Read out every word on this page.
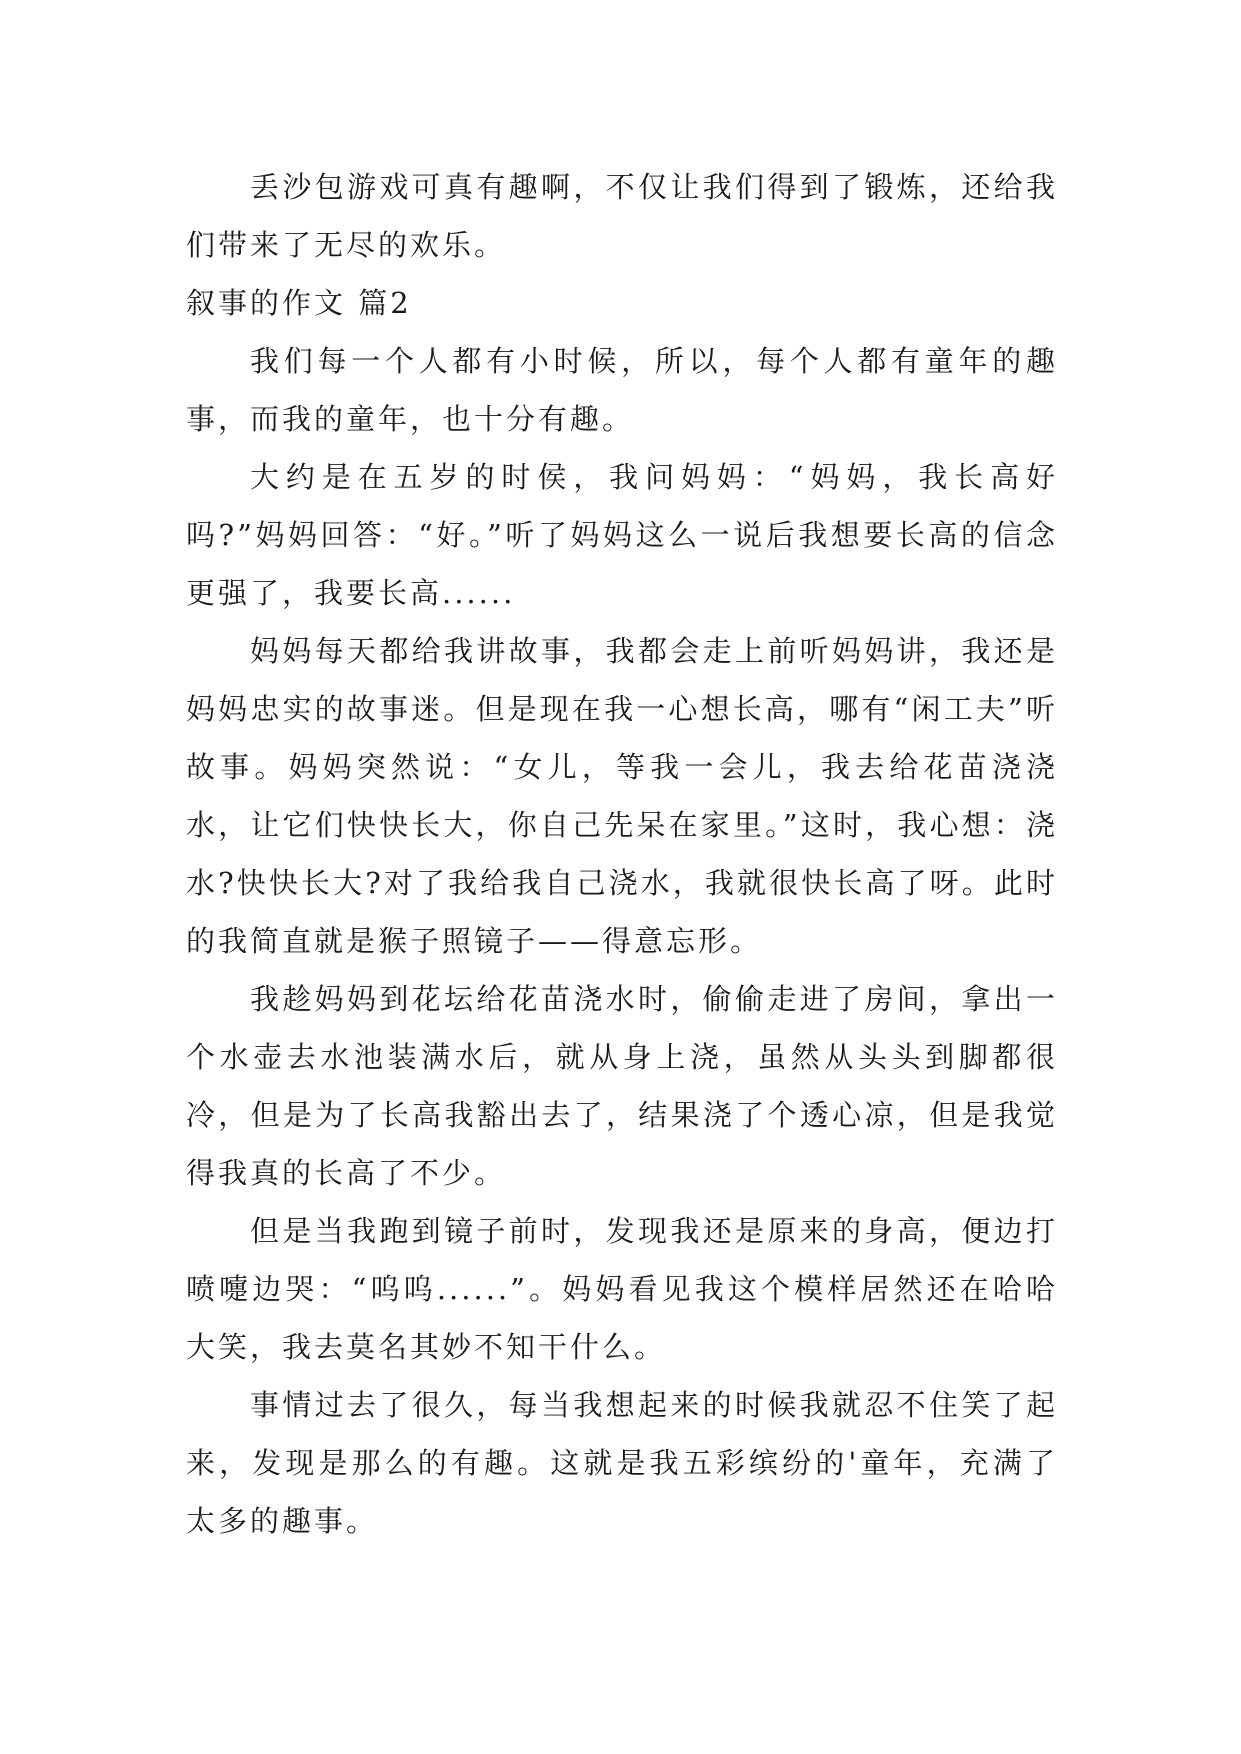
丢沙包游戏可真有趣啊，不仅让我们得到了锻炼，还给我们带来了无尽的欢乐。

叙事的作文 篇2

我们每一个人都有小时候，所以，每个人都有童年的趣事，而我的童年，也十分有趣。

大约是在五岁的时侯，我问妈妈：“妈妈，我长高好吗?”妈妈回答：“好。”听了妈妈这么一说后我想要长高的信念更强了，我要长高......

妈妈每天都给我讲故事，我都会走上前听妈妈讲，我还是妈妈忠实的故事迷。但是现在我一心想长高，哪有“闲工夫”听故事。妈妈突然说：“女儿，等我一会儿，我去给花苗浇浇水，让它们快快长大，你自己先呆在家里。”这时，我心想：浇水?快快长大?对了我给我自己浇水，我就很快长高了呀。此时的我简直就是猴子照镜子——得意忘形。

我趁妈妈到花坛给花苗浇水时，偷偷走进了房间，拿出一个水壶去水池装满水后，就从身上浇，虽然从头头到脚都很冷，但是为了长高我豁出去了，结果浇了个透心凉，但是我觉得我真的长高了不少。

但是当我跑到镜子前时，发现我还是原来的身高，便边打喷嚏边哭：“呜呜......”。妈妈看见我这个模样居然还在哈哈大笑，我去莫名其妙不知干什么。

事情过去了很久，每当我想起来的时候我就忍不住笑了起来，发现是那么的有趣。这就是我五彩缤纷的'童年，充满了太多的趣事。
